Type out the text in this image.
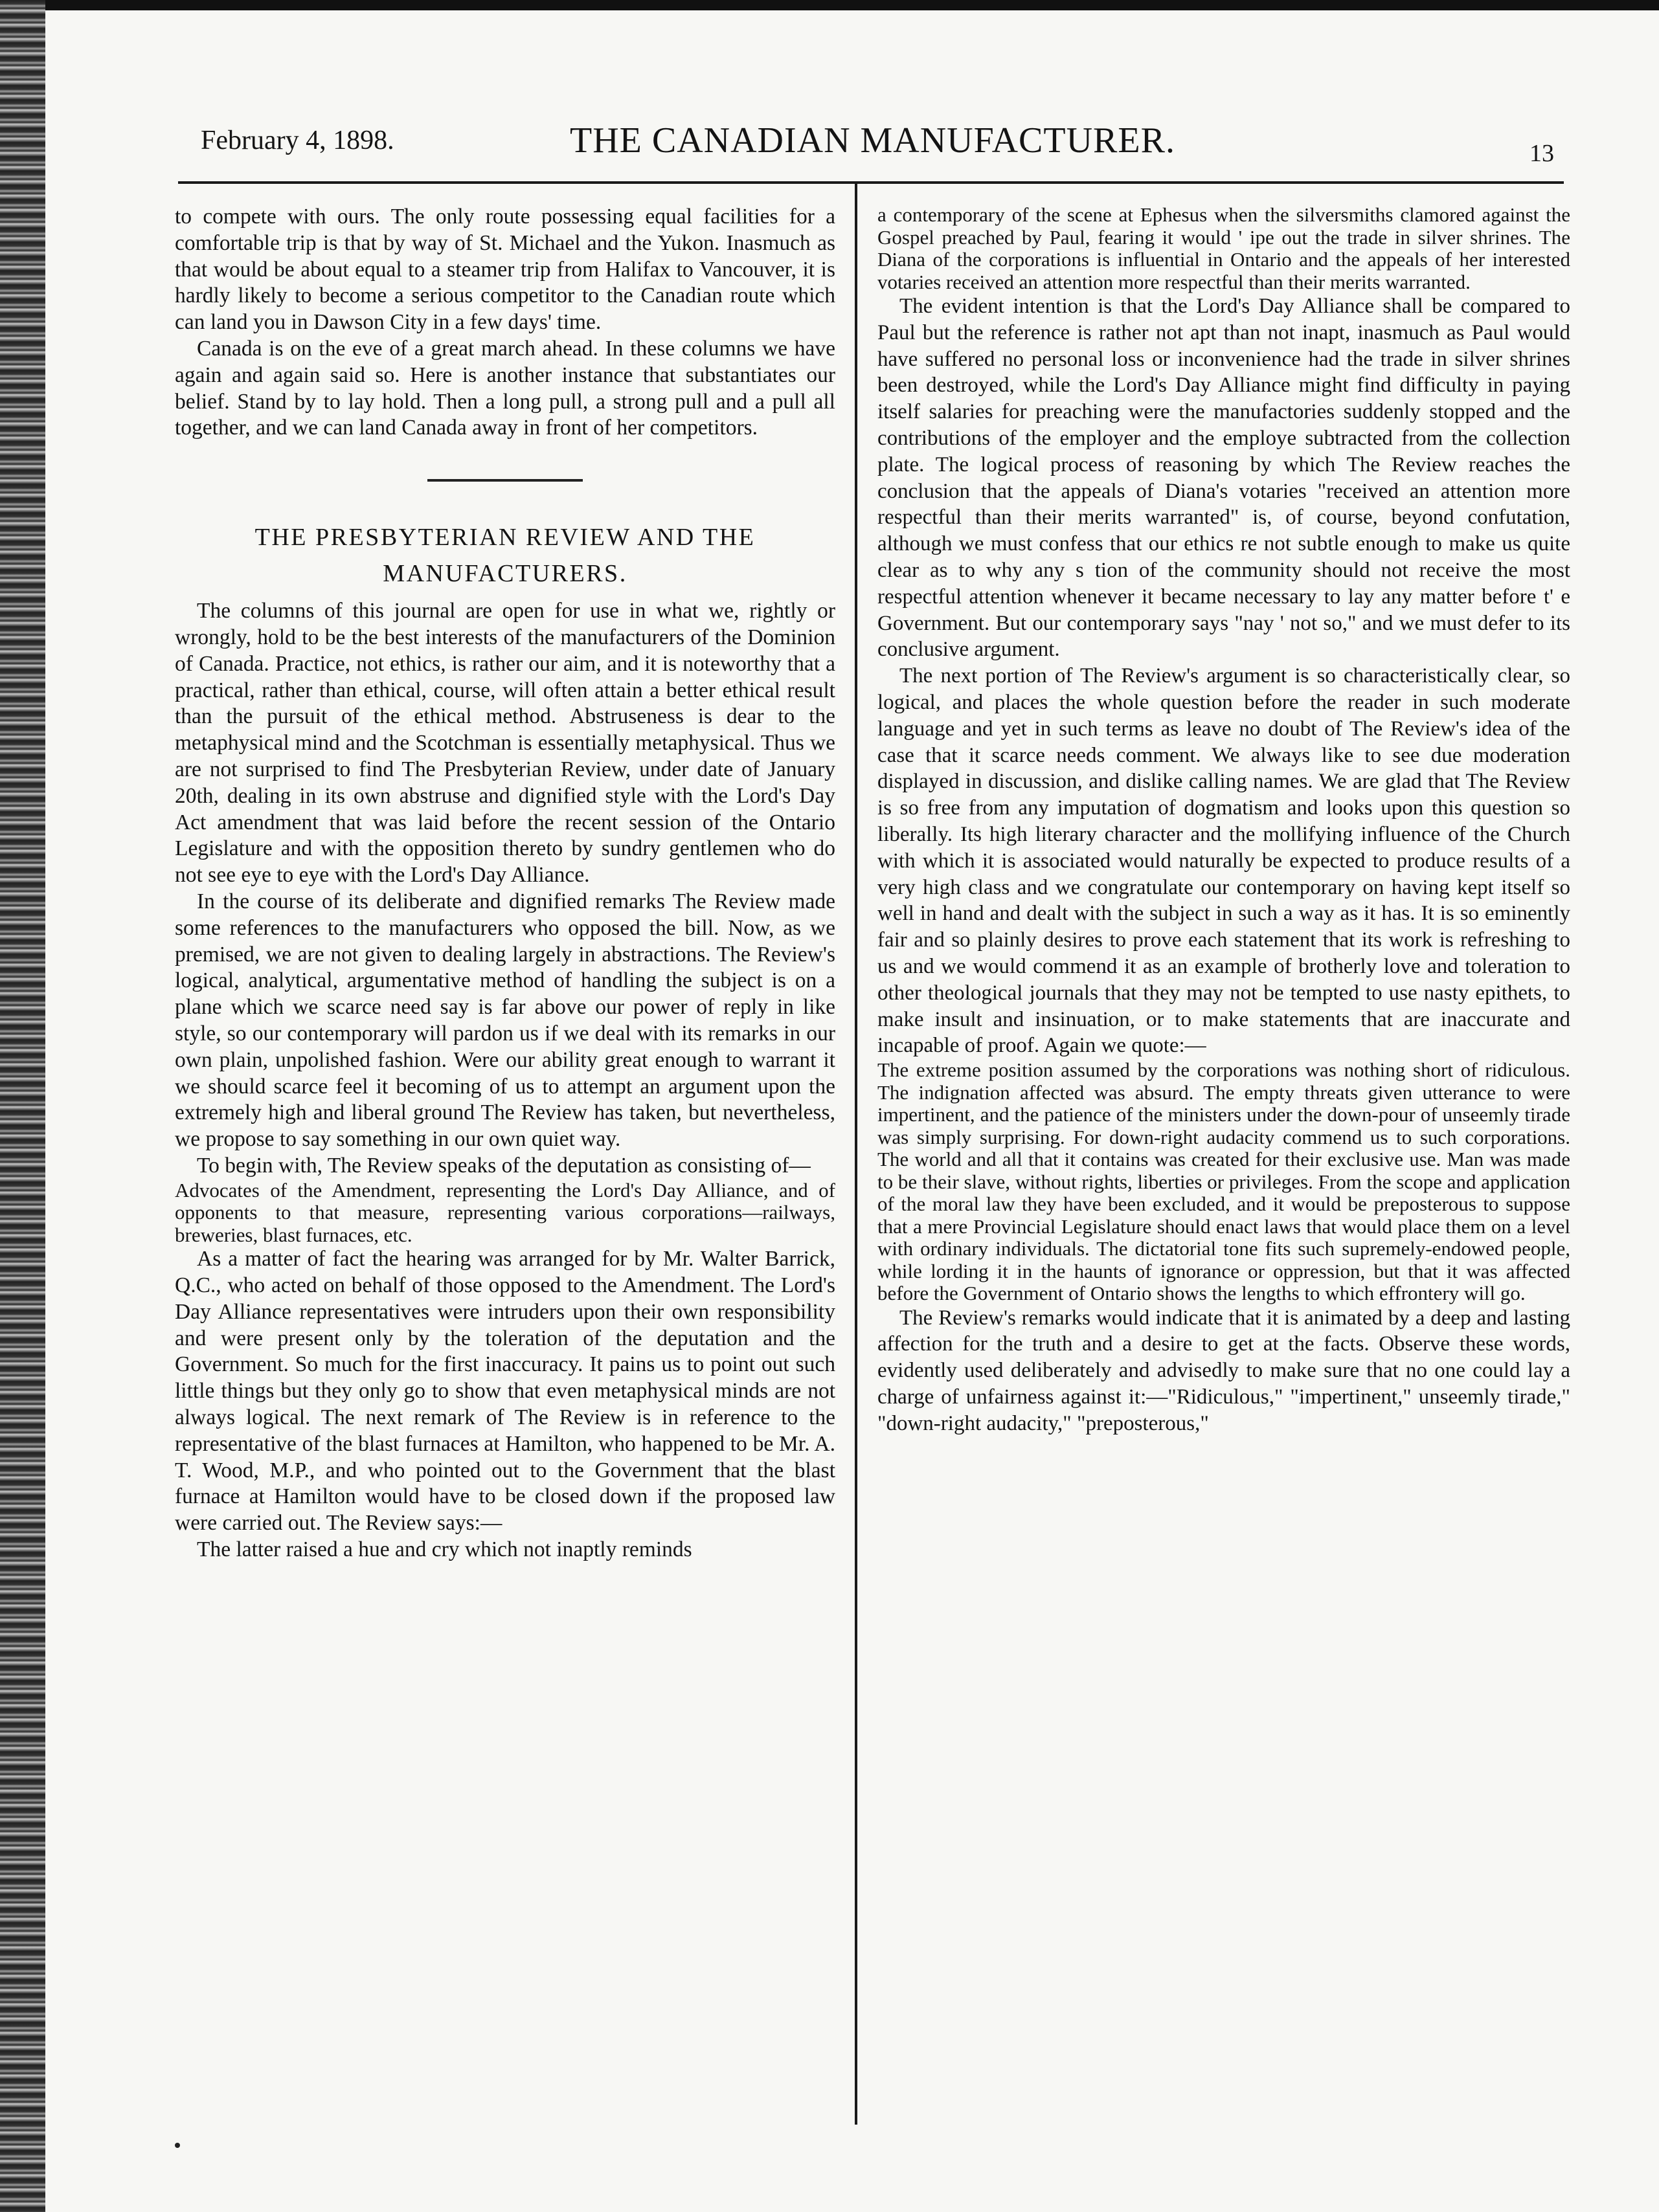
February 4, 1898.	THE CANADIAN MANUFACTURER.	13

to compete with ours. The only route possessing equal facilities for a comfortable trip is that by way of St. Michael and the Yukon. Inasmuch as that would be about equal to a steamer trip from Halifax to Vancouver, it is hardly likely to become a serious competitor to the Canadian route which can land you in Dawson City in a few days' time.

Canada is on the eve of a great march ahead. In these columns we have again and again said so. Here is another instance that substantiates our belief. Stand by to lay hold. Then a long pull, a strong pull and a pull all together, and we can land Canada away in front of her competitors.

THE PRESBYTERIAN REVIEW AND THE
MANUFACTURERS.

The columns of this journal are open for use in what we, rightly or wrongly, hold to be the best interests of the manufacturers of the Dominion of Canada. Practice, not ethics, is rather our aim, and it is noteworthy that a practical, rather than ethical, course, will often attain a better ethical result than the pursuit of the ethical method. Abstruseness is dear to the metaphysical mind and the Scotchman is essentially metaphysical. Thus we are not surprised to find The Presbyterian Review, under date of January 20th, dealing in its own abstruse and dignified style with the Lord's Day Act amendment that was laid before the recent session of the Ontario Legislature and with the opposition thereto by sundry gentlemen who do not see eye to eye with the Lord's Day Alliance.

In the course of its deliberate and dignified remarks The Review made some references to the manufacturers who opposed the bill. Now, as we premised, we are not given to dealing largely in abstractions. The Review's logical, analytical, argumentative method of handling the subject is on a plane which we scarce need say is far above our power of reply in like style, so our contemporary will pardon us if we deal with its remarks in our own plain, unpolished fashion. Were our ability great enough to warrant it we should scarce feel it becoming of us to attempt an argument upon the extremely high and liberal ground The Review has taken, but nevertheless, we propose to say something in our own quiet way.

To begin with, The Review speaks of the deputation as consisting of—

Advocates of the Amendment, representing the Lord's Day Alliance, and of opponents to that measure, representing various corporations—railways, breweries, blast furnaces, etc.

As a matter of fact the hearing was arranged for by Mr. Walter Barrick, Q.C., who acted on behalf of those opposed to the Amendment. The Lord's Day Alliance representatives were intruders upon their own responsibility and were present only by the toleration of the deputation and the Government. So much for the first inaccuracy. It pains us to point out such little things but they only go to show that even metaphysical minds are not always logical. The next remark of The Review is in reference to the representative of the blast furnaces at Hamilton, who happened to be Mr. A. T. Wood, M.P., and who pointed out to the Government that the blast furnace at Hamilton would have to be closed down if the proposed law were carried out. The Review says:—

The latter raised a hue and cry which not inaptly reminds

a contemporary of the scene at Ephesus when the silversmiths clamored against the Gospel preached by Paul, fearing it would ' ipe out the trade in silver shrines. The Diana of the corporations is influential in Ontario and the appeals of her interested votaries received an attention more respectful than their merits warranted.

The evident intention is that the Lord's Day Alliance shall be compared to Paul but the reference is rather not apt than not inapt, inasmuch as Paul would have suffered no personal loss or inconvenience had the trade in silver shrines been destroyed, while the Lord's Day Alliance might find difficulty in paying itself salaries for preaching were the manufactories suddenly stopped and the contributions of the employer and the employe subtracted from the collection plate. The logical process of reasoning by which The Review reaches the conclusion that the appeals of Diana's votaries "received an attention more respectful than their merits warranted" is, of course, beyond confutation, although we must confess that our ethics re not subtle enough to make us quite clear as to why any s tion of the community should not receive the most respectful attention whenever it became necessary to lay any matter before t' e Government. But our contemporary says "nay ' not so," and we must defer to its conclusive argument.

The next portion of The Review's argument is so characteristically clear, so logical, and places the whole question before the reader in such moderate language and yet in such terms as leave no doubt of The Review's idea of the case that it scarce needs comment. We always like to see due moderation displayed in discussion, and dislike calling names. We are glad that The Review is so free from any imputation of dogmatism and looks upon this question so liberally. Its high literary character and the mollifying influence of the Church with which it is associated would naturally be expected to produce results of a very high class and we congratulate our contemporary on having kept itself so well in hand and dealt with the subject in such a way as it has. It is so eminently fair and so plainly desires to prove each statement that its work is refreshing to us and we would commend it as an example of brotherly love and toleration to other theological journals that they may not be tempted to use nasty epithets, to make insult and insinuation, or to make statements that are inaccurate and incapable of proof. Again we quote:—

The extreme position assumed by the corporations was nothing short of ridiculous. The indignation affected was absurd. The empty threats given utterance to were impertinent, and the patience of the ministers under the down-pour of unseemly tirade was simply surprising. For down-right audacity commend us to such corporations. The world and all that it contains was created for their exclusive use. Man was made to be their slave, without rights, liberties or privileges. From the scope and application of the moral law they have been excluded, and it would be preposterous to suppose that a mere Provincial Legislature should enact laws that would place them on a level with ordinary individuals. The dictatorial tone fits such supremely-endowed people, while lording it in the haunts of ignorance or oppression, but that it was affected before the Government of Ontario shows the lengths to which effrontery will go.

The Review's remarks would indicate that it is animated by a deep and lasting affection for the truth and a desire to get at the facts. Observe these words, evidently used deliberately and advisedly to make sure that no one could lay a charge of unfairness against it:—"Ridiculous," "impertinent," unseemly tirade," "down-right audacity," "preposterous,"
